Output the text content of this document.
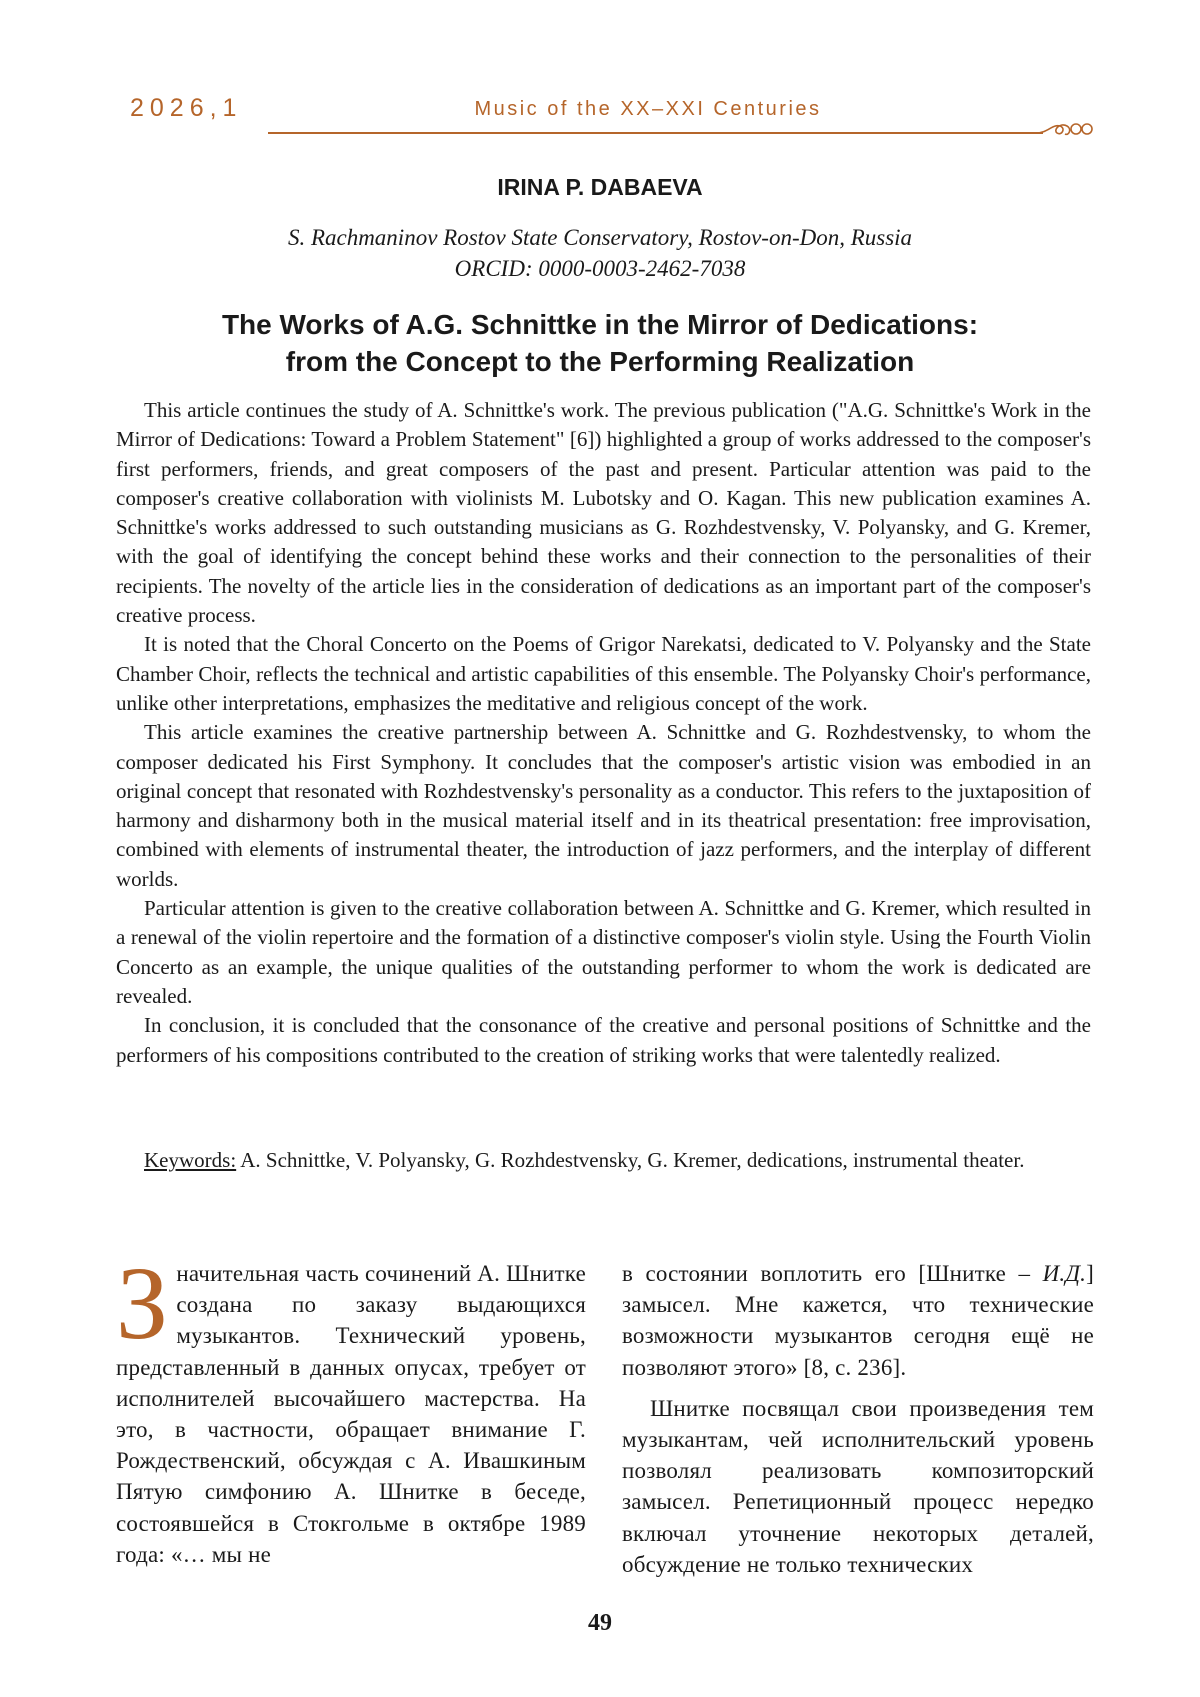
2026,1	Music of the XX–XXI Centuries
IRINA P. DABAEVA
S. Rachmaninov Rostov State Conservatory, Rostov-on-Don, Russia
ORCID: 0000-0003-2462-7038
The Works of A.G. Schnittke in the Mirror of Dedications:
from the Concept to the Performing Realization

This article continues the study of A. Schnittke's work. The previous publication ("A.G. Schnittke's Work in the Mirror of Dedications: Toward a Problem Statement" [6]) highlighted a group of works addressed to the composer's first performers, friends, and great composers of the past and present. Particular attention was paid to the composer's creative collaboration with violinists M. Lubotsky and O. Kagan. This new publication examines A. Schnittke's works addressed to such outstanding musicians as G. Rozhdestvensky, V. Polyansky, and G. Kremer, with the goal of identifying the concept behind these works and their connection to the personalities of their recipients. The novelty of the article lies in the consideration of dedications as an important part of the composer's creative process.

It is noted that the Choral Concerto on the Poems of Grigor Narekatsi, dedicated to V. Polyansky and the State Chamber Choir, reflects the technical and artistic capabilities of this ensemble. The Polyansky Choir's performance, unlike other interpretations, emphasizes the meditative and religious concept of the work.

This article examines the creative partnership between A. Schnittke and G. Rozhdestvensky, to whom the composer dedicated his First Symphony. It concludes that the composer's artistic vision was embodied in an original concept that resonated with Rozhdestvensky's personality as a conductor. This refers to the juxtaposition of harmony and disharmony both in the musical material itself and in its theatrical presentation: free improvisation, combined with elements of instrumental theater, the introduction of jazz performers, and the interplay of different worlds.

Particular attention is given to the creative collaboration between A. Schnittke and G. Kremer, which resulted in a renewal of the violin repertoire and the formation of a distinctive composer's violin style. Using the Fourth Violin Concerto as an example, the unique qualities of the outstanding performer to whom the work is dedicated are revealed.

In conclusion, it is concluded that the consonance of the creative and personal positions of Schnittke and the performers of his compositions contributed to the creation of striking works that were talentedly realized.

Keywords: A. Schnittke, V. Polyansky, G. Rozhdestvensky, G. Kremer, dedications, instrumental theater.

Значительная часть сочинений А. Шнитке создана по заказу выдающихся музыкантов. Технический уровень, представленный в данных опусах, требует от исполнителей высочайшего мастерства. На это, в частности, обращает внимание Г. Рождественский, обсуждая с А. Ивашкиным Пятую симфонию А. Шнитке в беседе, состоявшейся в Стокгольме в октябре 1989 года: «… мы не

в состоянии воплотить его [Шнитке – И.Д.] замысел. Мне кажется, что технические возможности музыкантов сегодня ещё не позволяют этого» [8, с. 236].

Шнитке посвящал свои произведения тем музыкантам, чей исполнительский уровень позволял реализовать композиторский замысел. Репетиционный процесс нередко включал уточнение некоторых деталей, обсуждение не только технических

49
